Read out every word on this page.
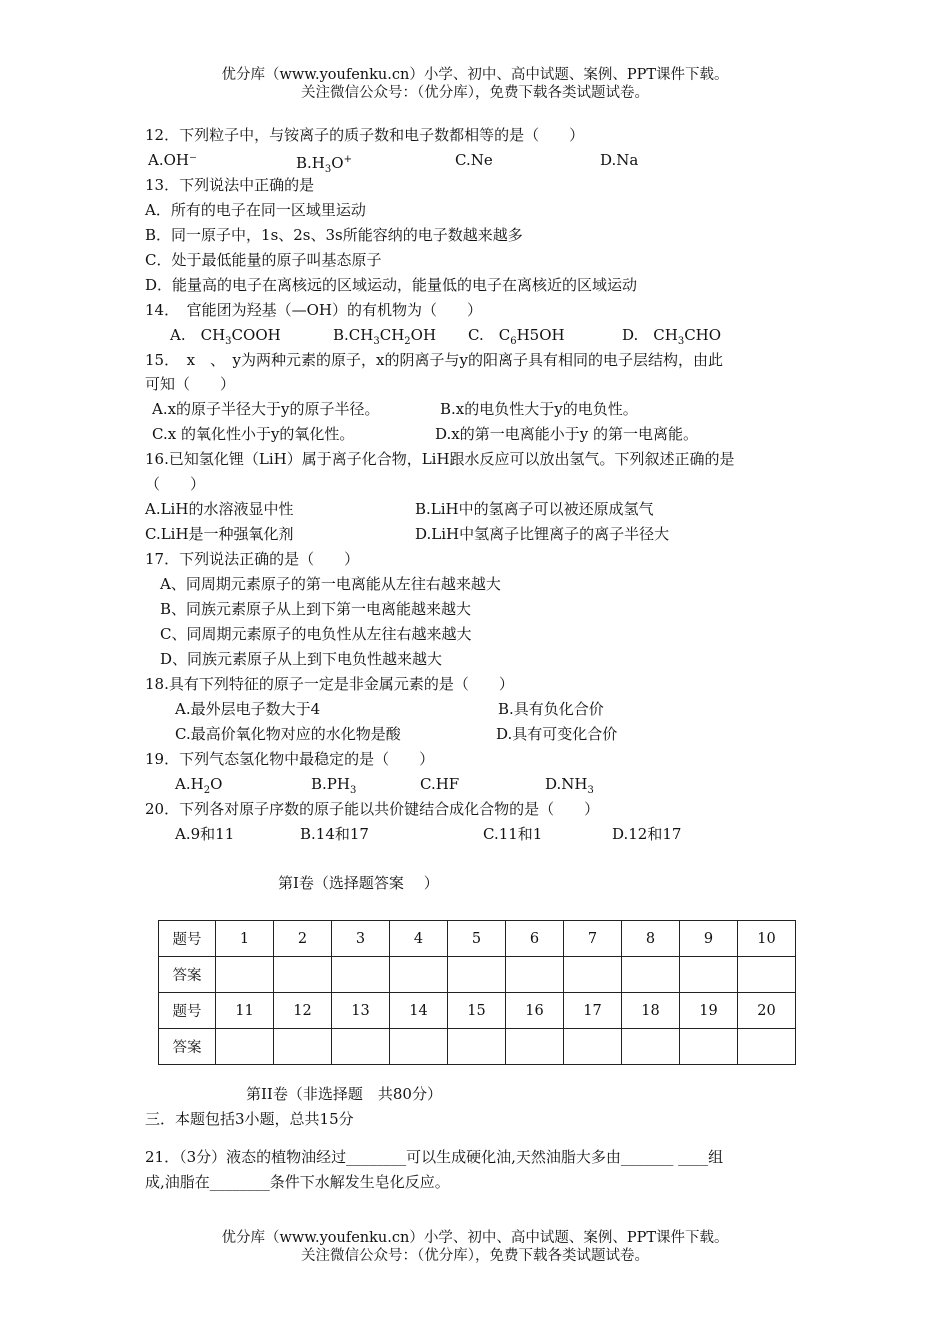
优分库（www.youfenku.cn）小学、初中、高中试题、案例、PPT课件下载。
关注微信公众号：（优分库），免费下载各类试题试卷。
12．下列粒子中，与铵离子的质子数和电子数都相等的是（　　）
A.OH⁻	$B.H_3O^+$	C.Ne	D.Na
13．下列说法中正确的是
A．所有的电子在同一区域里运动
B．同一原子中，1s、2s、3s所能容纳的电子数越来越多
C．处于最低能量的原子叫基态原子
D．能量高的电子在离核远的区域运动，能量低的电子在离核近的区域运动
14．　官能团为羟基（—OH）的有机物为（　　）
A.　$CH_3COOH$	$B.CH_3CH_2OH$ C.　$C_6H5OH$	D.　$CH_3CHO$
15．　x　、　y为两种元素的原子，x的阴离子与y的阳离子具有相同的电子层结构，由此
可知（　　）
A.x的原子半径大于y的原子半径。	B.x的电负性大于y的电负性。
C.x 的氧化性小于y的氧化性。	D.x的第一电离能小于y 的第一电离能。
16.已知氢化锂（LiH）属于离子化合物，LiH跟水反应可以放出氢气。下列叙述正确的是
（　　）
A.LiH的水溶液显中性	B.LiH中的氢离子可以被还原成氢气
C.LiH是一种强氧化剂	D.LiH中氢离子比锂离子的离子半径大
17．下列说法正确的是（　　）
A、同周期元素原子的第一电离能从左往右越来越大
B、同族元素原子从上到下第一电离能越来越大
C、同周期元素原子的电负性从左往右越来越大
D、同族元素原子从上到下电负性越来越大
18.具有下列特征的原子一定是非金属元素的是（　　）
A.最外层电子数大于4	B.具有负化合价
C.最高价氧化物对应的水化物是酸	D.具有可变化合价
19．下列气态氢化物中最稳定的是（　　）
$A.H_2O$	$B.PH_3$	C.HF	$D.NH_3$
20．下列各对原子序数的原子能以共价键结合成化合物的是（　　）
A.9和11	B.14和17	C.11和1	D.12和17
第Ⅰ卷（选择题答案　 ）
题号	1	2	3	4	5	6	7	8	9	10
答案										
题号	11	12	13	14	15	16	17	18	19	20
答案										
第II卷（非选择题　共80分）
三．本题包括3小题，总共15分
21．（3分）液态的植物油经过________可以生成硬化油,天然油脂大多由_______ ____组
成,油脂在________条件下水解发生皂化反应。
优分库（www.youfenku.cn）小学、初中、高中试题、案例、PPT课件下载。
关注微信公众号：（优分库），免费下载各类试题试卷。
